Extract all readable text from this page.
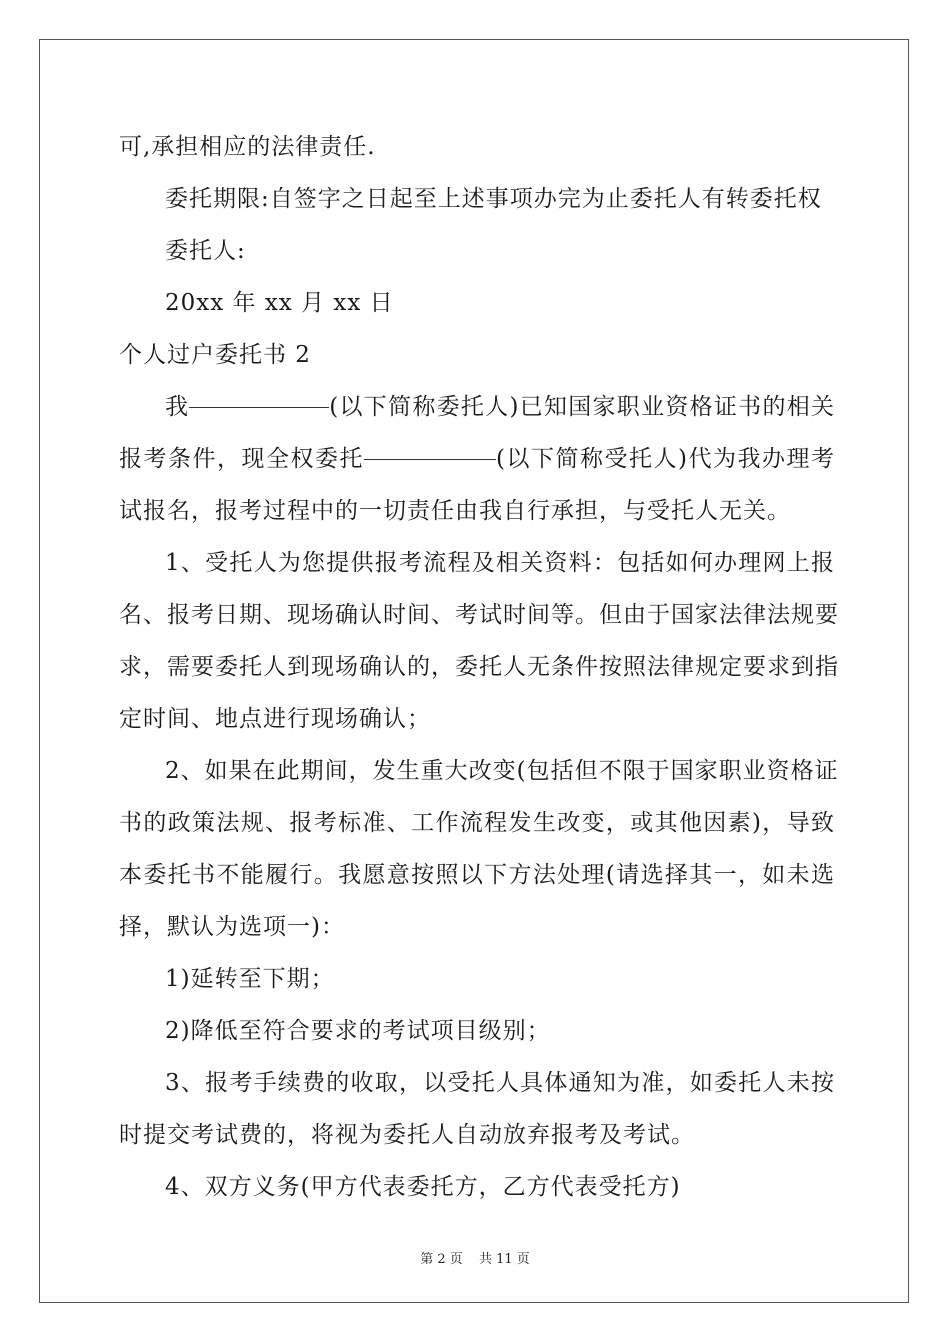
可,承担相应的法律责任.
委托期限:自签字之日起至上述事项办完为止委托人有转委托权
委托人:
20xx 年 xx 月 xx 日
个人过户委托书 2
我	(以下简称委托人)已知国家职业资格证书的相关
报考条件，现全权委托	(以下简称受托人)代为我办理考
试报名，报考过程中的一切责任由我自行承担，与受托人无关。
1、受托人为您提供报考流程及相关资料：包括如何办理网上报
名、报考日期、现场确认时间、考试时间等。但由于国家法律法规要
求，需要委托人到现场确认的，委托人无条件按照法律规定要求到指
定时间、地点进行现场确认；
2、如果在此期间，发生重大改变(包括但不限于国家职业资格证
书的政策法规、报考标准、工作流程发生改变，或其他因素)，导致
本委托书不能履行。我愿意按照以下方法处理(请选择其一，如未选
择，默认为选项一)：
1)延转至下期；
2)降低至符合要求的考试项目级别；
3、报考手续费的收取，以受托人具体通知为准，如委托人未按
时提交考试费的，将视为委托人自动放弃报考及考试。
4、双方义务(甲方代表委托方，乙方代表受托方)
第 2 页 共 11 页
